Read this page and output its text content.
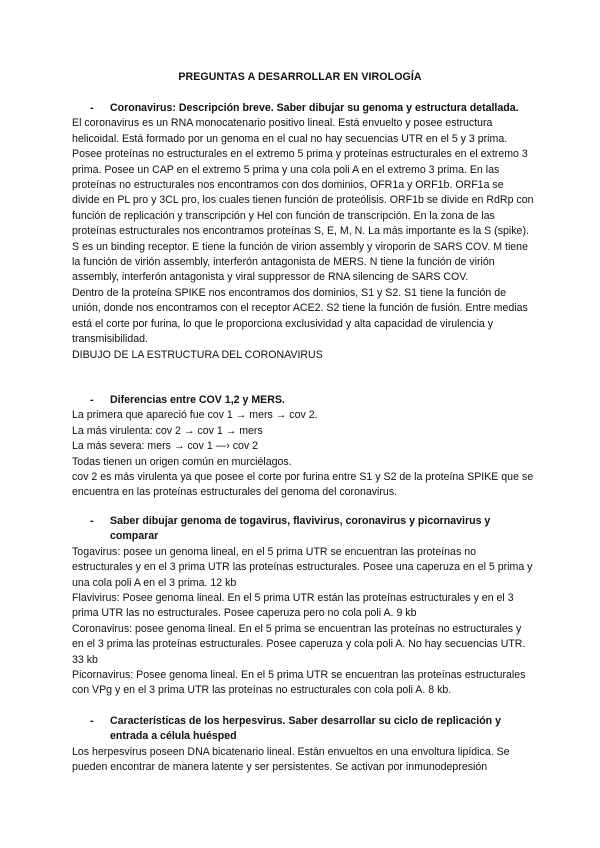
PREGUNTAS A DESARROLLAR EN VIROLOGÍA
-	Coronavirus: Descripción breve. Saber dibujar su genoma y estructura detallada.

El coronavirus es un RNA monocatenario positivo lineal. Está envuelto y posee estructura helicoidal. Está formado por un genoma en el cual no hay secuencias UTR en el 5 y 3 prima. Posee proteínas no estructurales en el extremo 5 prima y proteínas estructurales en el extremo 3 prima. Posee un CAP en el extremo 5 prima y una cola poli A en el extremo 3 prima. En las proteínas no estructurales nos encontramos con dos dominios, OFR1a y ORF1b. ORF1a se divide en PL pro y 3CL pro, los cuales tienen función de proteólisis. ORF1b se divide en RdRp con función de replicación y transcripción y Hel con función de transcripción. En la zona de las proteínas estructurales nos encontramos proteínas S, E, M, N. La más importante es la S (spike). S es un binding receptor. E tiene la función de virion assembly y viroporin de SARS COV. M tiene la función de virión assembly, interferón antagonista de MERS. N tiene la función de virión assembly, interferón antagonista y viral suppressor de RNA silencing de SARS COV.

Dentro de la proteína SPIKE nos encontramos dos dominios, S1 y S2. S1 tiene la función de unión, donde nos encontramos con el receptor ACE2. S2 tiene la función de fusión. Entre medias está el corte por furina, lo que le proporciona exclusividad y alta capacidad de virulencia y transmisibilidad.

DIBUJO DE LA ESTRUCTURA DEL CORONAVIRUS

-	Diferencias entre COV 1,2 y MERS.

La primera que apareció fue cov 1 → mers → cov 2.

La más virulenta: cov 2 → cov 1 → mers

La más severa: mers → cov 1 —› cov 2

Todas tienen un origen común en murciélagos.

cov 2 es más virulenta ya que posee el corte por furina entre S1 y S2 de la proteína SPIKE que se encuentra en las proteínas estructurales del genoma del coronavirus.

-	Saber dibujar genoma de togavirus, flavivirus, coronavirus y picornavirus y comparar

Togavirus: posee un genoma lineal, en el 5 prima UTR se encuentran las proteínas no estructurales y en el 3 prima UTR las proteínas estructurales. Posee una caperuza en el 5 prima y una cola poli A en el 3 prima. 12 kb

Flavivirus: Posee genoma lineal. En el 5 prima UTR están las proteínas estructurales y en el 3 prima UTR las no estructurales. Posee caperuza pero no cola poli A. 9 kb

Coronavirus: posee genoma lineal. En el 5 prima se encuentran las proteínas no estructurales y en el 3 prima las proteínas estructurales. Posee caperuza y cola poli A. No hay secuencias UTR. 33 kb

Picornavirus: Posee genoma lineal. En el 5 prima UTR se encuentran las proteínas estructurales con VPg y en el 3 prima UTR las proteínas no estructurales con cola poli A. 8 kb.

-	Características de los herpesvirus. Saber desarrollar su ciclo de replicación y entrada a célula huésped

Los herpesvirus poseen DNA bicatenario lineal. Están envueltos en una envoltura lipídica. Se pueden encontrar de manera latente y ser persistentes. Se activan por inmunodepresión
